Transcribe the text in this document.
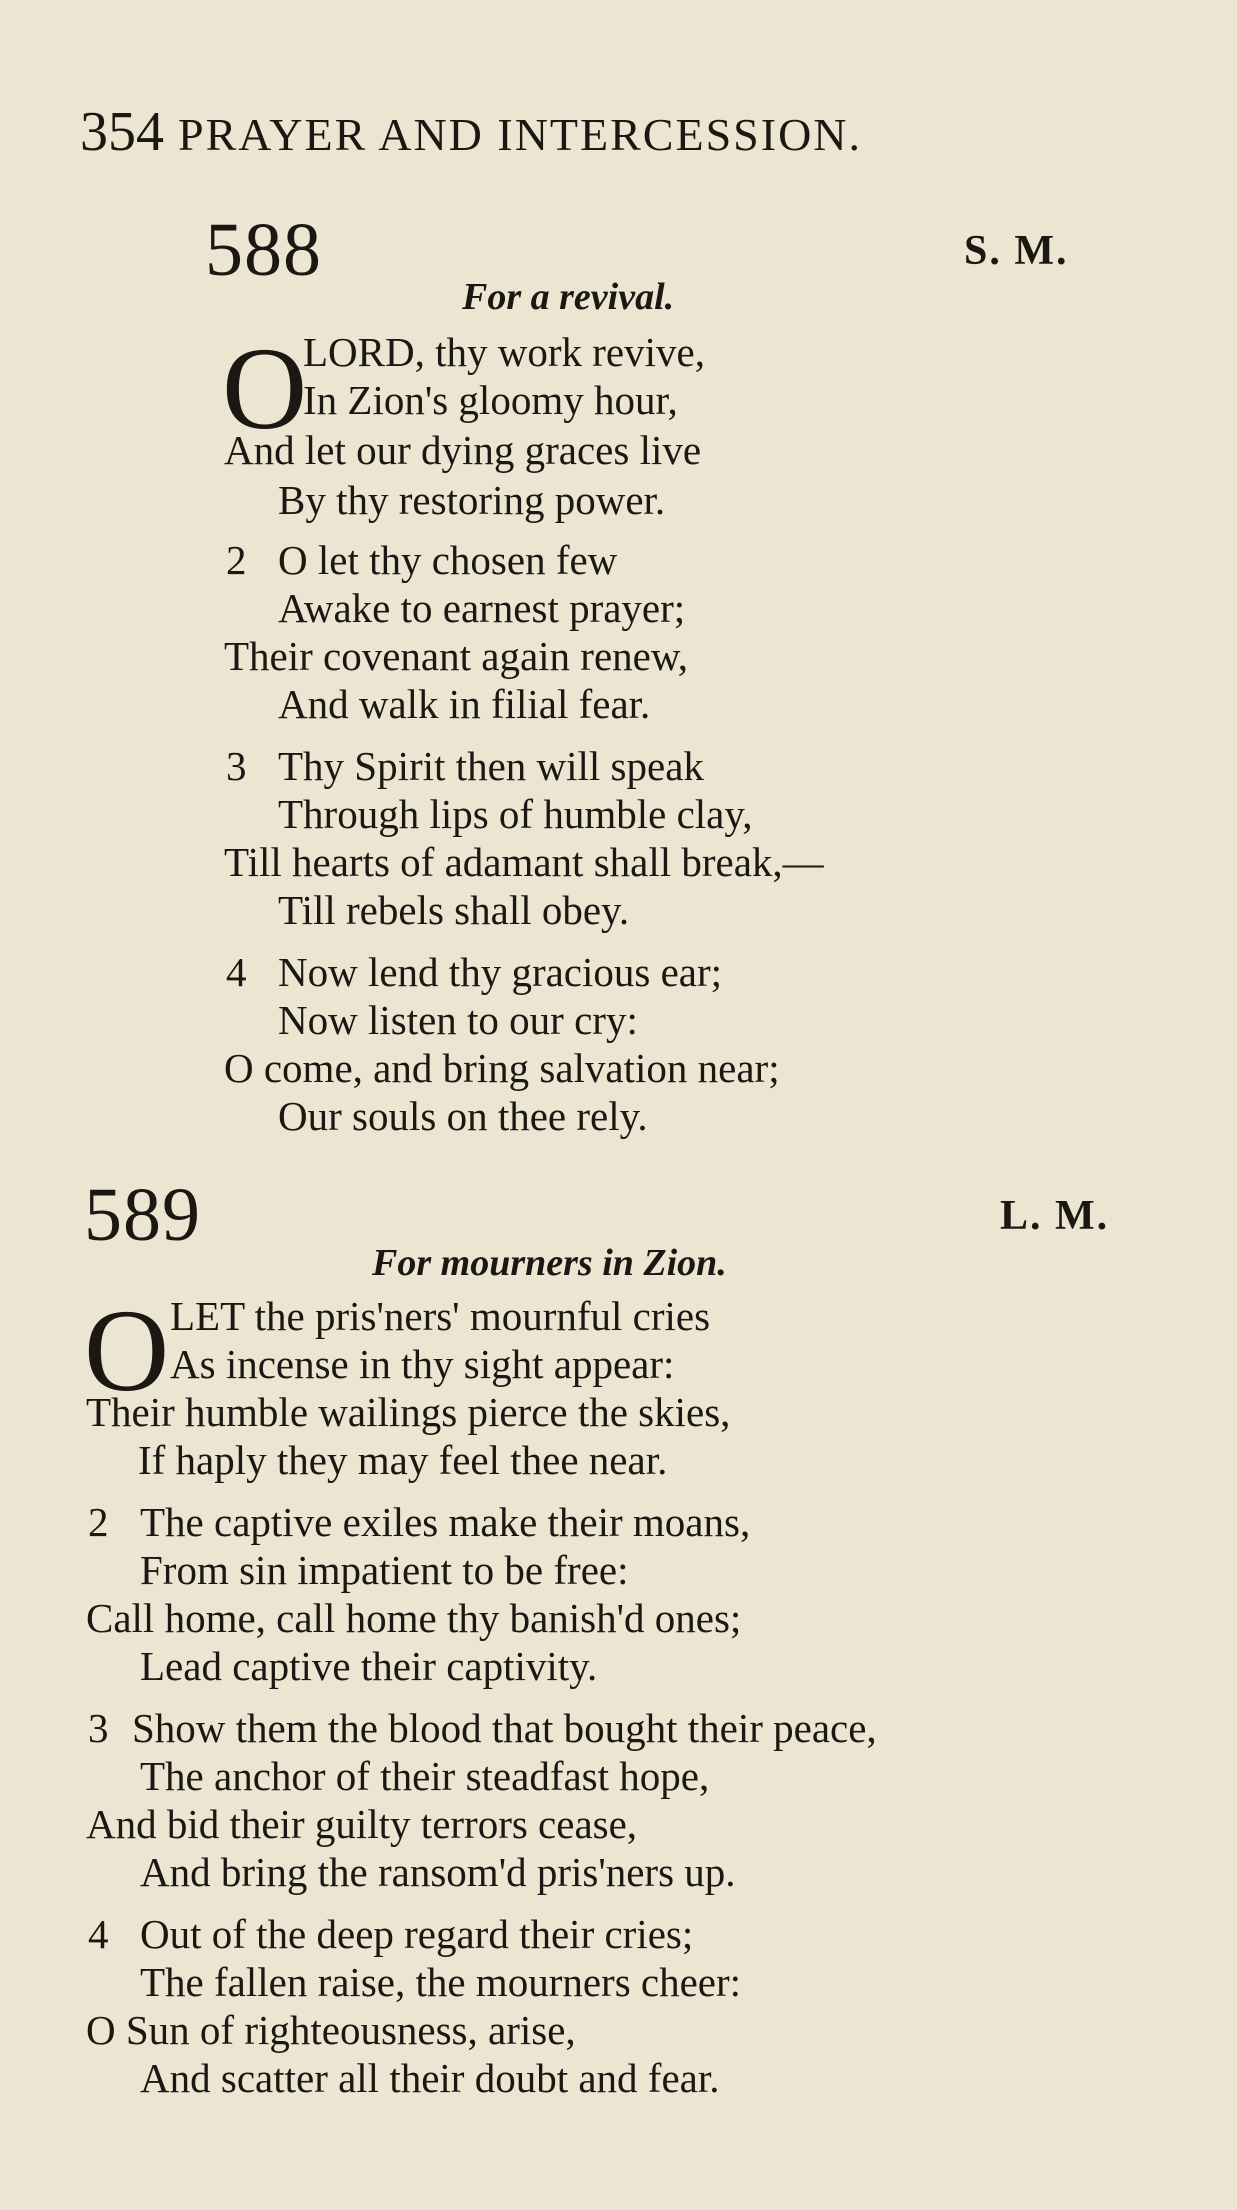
354 PRAYER AND INTERCESSION.
588	S. M.
For a revival.
O
LORD, thy work revive,
In Zion's gloomy hour,
And let our dying graces live
By thy restoring power.
2 O let thy chosen few
Awake to earnest prayer;
Their covenant again renew,
And walk in filial fear.
3 Thy Spirit then will speak
Through lips of humble clay,
Till hearts of adamant shall break,—
Till rebels shall obey.
4 Now lend thy gracious ear;
Now listen to our cry:
O come, and bring salvation near;
Our souls on thee rely.
589	L. M.
For mourners in Zion.
O LET the pris'ners' mournful cries
As incense in thy sight appear:
Their humble wailings pierce the skies,
If haply they may feel thee near.
2 The captive exiles make their moans,
From sin impatient to be free:
Call home, call home thy banish'd ones;
Lead captive their captivity.
3 Show them the blood that bought their peace,
The anchor of their steadfast hope,
And bid their guilty terrors cease,
And bring the ransom'd pris'ners up.
4 Out of the deep regard their cries;
The fallen raise, the mourners cheer:
O Sun of righteousness, arise,
And scatter all their doubt and fear.
